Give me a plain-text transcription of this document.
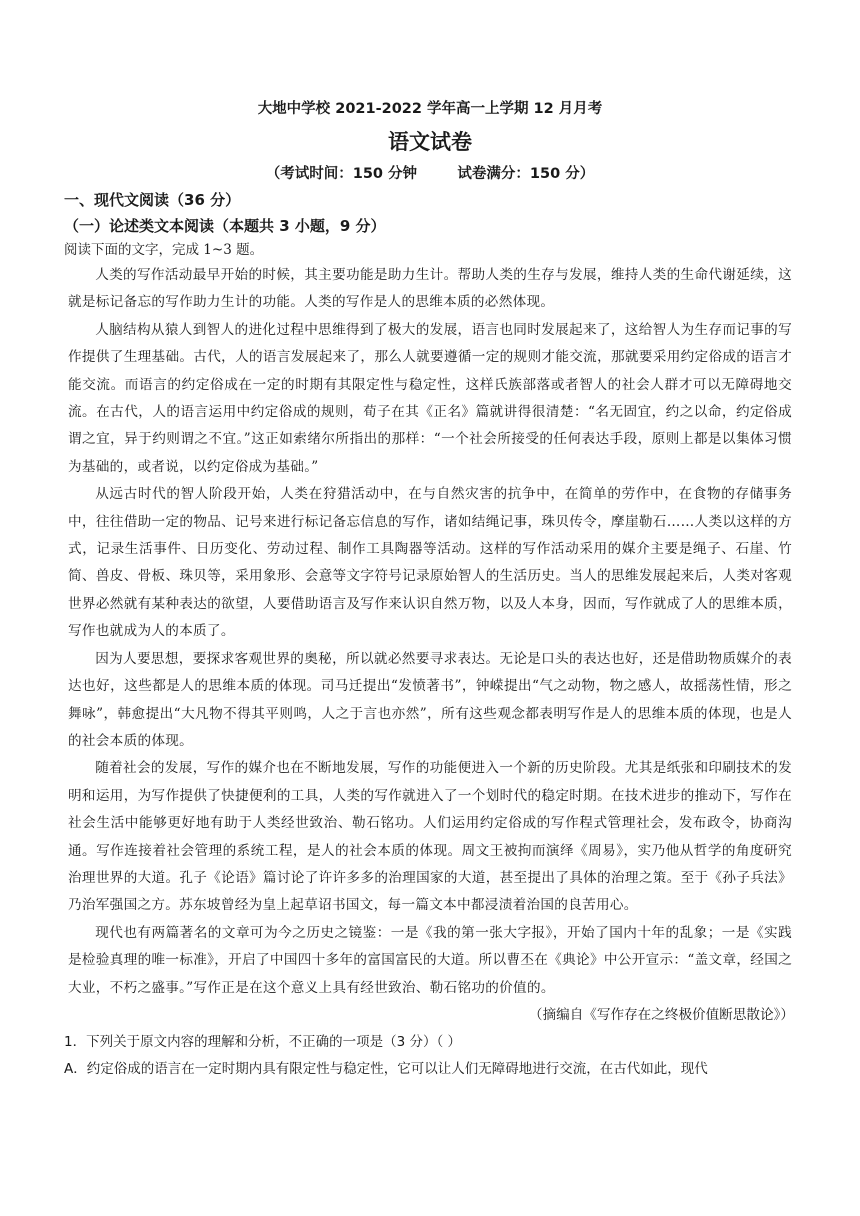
大地中学校 2021-2022 学年高一上学期 12 月月考
语文试卷
（考试时间：150 分钟        试卷满分：150 分）
一、现代文阅读（36 分）
（一）论述类文本阅读（本题共 3 小题，9 分）
阅读下面的文字，完成 1~3 题。

人类的写作活动最早开始的时候，其主要功能是助力生计。帮助人类的生存与发展，维持人类的生命代谢延续，这就是标记备忘的写作助力生计的功能。人类的写作是人的思维本质的必然体现。

人脑结构从猿人到智人的进化过程中思维得到了极大的发展，语言也同时发展起来了，这给智人为生存而记事的写作提供了生理基础。古代，人的语言发展起来了，那么人就要遵循一定的规则才能交流，那就要采用约定俗成的语言才能交流。而语言的约定俗成在一定的时期有其限定性与稳定性，这样氏族部落或者智人的社会人群才可以无障碍地交流。在古代，人的语言运用中约定俗成的规则，荀子在其《正名》篇就讲得很清楚：“名无固宜，约之以命，约定俗成谓之宜，异于约则谓之不宜。”这正如索绪尔所指出的那样：“一个社会所接受的任何表达手段，原则上都是以集体习惯为基础的，或者说，以约定俗成为基础。”

从远古时代的智人阶段开始，人类在狩猎活动中，在与自然灾害的抗争中，在简单的劳作中，在食物的存储事务中，往往借助一定的物品、记号来进行标记备忘信息的写作，诸如结绳记事，珠贝传令，摩崖勒石……人类以这样的方式，记录生活事件、日历变化、劳动过程、制作工具陶器等活动。这样的写作活动采用的媒介主要是绳子、石崖、竹简、兽皮、骨板、珠贝等，采用象形、会意等文字符号记录原始智人的生活历史。当人的思维发展起来后，人类对客观世界必然就有某种表达的欲望，人要借助语言及写作来认识自然万物，以及人本身，因而，写作就成了人的思维本质，写作也就成为人的本质了。

因为人要思想，要探求客观世界的奥秘，所以就必然要寻求表达。无论是口头的表达也好，还是借助物质媒介的表达也好，这些都是人的思维本质的体现。司马迁提出“发愤著书”，钟嵘提出“气之动物，物之感人，故摇荡性情，形之舞咏”，韩愈提出“大凡物不得其平则鸣，人之于言也亦然”，所有这些观念都表明写作是人的思维本质的体现，也是人的社会本质的体现。

随着社会的发展，写作的媒介也在不断地发展，写作的功能便进入一个新的历史阶段。尤其是纸张和印刷技术的发明和运用，为写作提供了快捷便利的工具，人类的写作就进入了一个划时代的稳定时期。在技术进步的推动下，写作在社会生活中能够更好地有助于人类经世致治、勒石铭功。人们运用约定俗成的写作程式管理社会，发布政令，协商沟通。写作连接着社会管理的系统工程，是人的社会本质的体现。周文王被拘而演绎《周易》，实乃他从哲学的角度研究治理世界的大道。孔子《论语》篇讨论了许许多多的治理国家的大道，甚至提出了具体的治理之策。至于《孙子兵法》乃治军强国之方。苏东坡曾经为皇上起草诏书国文，每一篇文本中都浸渍着治国的良苦用心。

现代也有两篇著名的文章可为今之历史之镜鉴：一是《我的第一张大字报》，开始了国内十年的乱象；一是《实践是检验真理的唯一标准》，开启了中国四十多年的富国富民的大道。所以曹丕在《典论》中公开宣示：“盖文章，经国之大业，不朽之盛事。”写作正是在这个意义上具有经世致治、勒石铭功的价值的。

（摘编自《写作存在之终极价值断思散论》）
1．下列关于原文内容的理解和分析，不正确的一项是（3 分）（ ）
A．约定俗成的语言在一定时期内具有限定性与稳定性，它可以让人们无障碍地进行交流，在古代如此，现代
